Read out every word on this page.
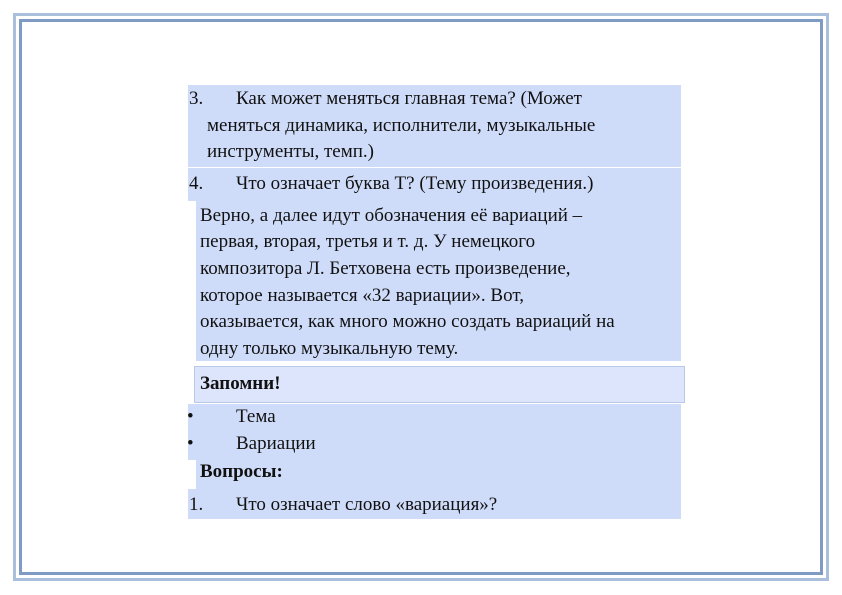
3. Как может меняться главная тема? (Может
меняться динамика, исполнители, музыкальные
инструменты, темп.)
4. Что означает буква Т? (Тему произведения.)
Верно, а далее идут обозначения её вариаций –
первая, вторая, третья и т. д. У немецкого
композитора Л. Бетховена есть произведение,
которое называется «32 вариации». Вот,
оказывается, как много можно создать вариаций на
одну только музыкальную тему.
Запомни!
• Тема
• Вариации
Вопросы:
1. Что означает слово «вариация»?
